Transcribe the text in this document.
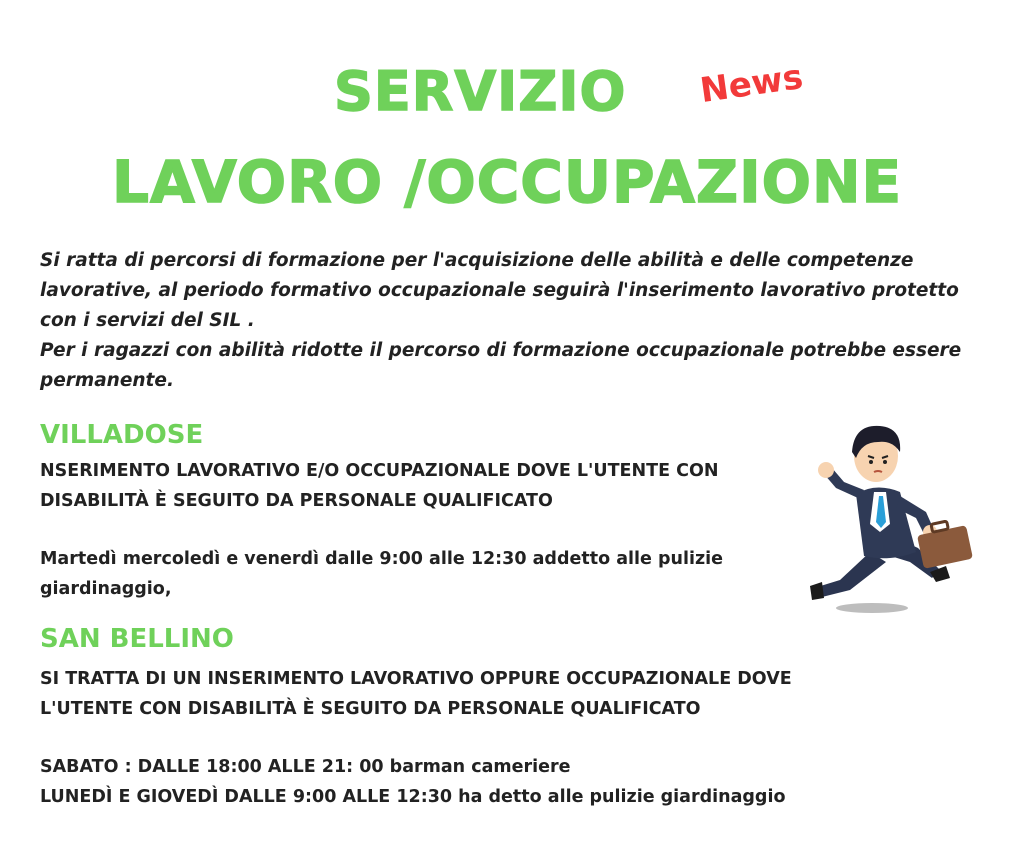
SERVIZIO News
LAVORO /OCCUPAZIONE

Si ratta di percorsi di formazione per l'acquisizione delle abilità e delle competenze lavorative, al periodo formativo occupazionale seguirà l'inserimento lavorativo protetto con i servizi del SIL .

Per i ragazzi con abilità ridotte il percorso di formazione occupazionale potrebbe essere permanente.

VILLADOSE

NSERIMENTO LAVORATIVO E/O OCCUPAZIONALE DOVE L'UTENTE CON DISABILITÀ È SEGUITO DA PERSONALE QUALIFICATO

Martedì mercoledì e venerdì dalle 9:00 alle 12:30 addetto alle pulizie giardinaggio,

SAN BELLINO

SI TRATTA DI UN INSERIMENTO LAVORATIVO OPPURE OCCUPAZIONALE DOVE L'UTENTE CON DISABILITÀ È SEGUITO DA PERSONALE QUALIFICATO

SABATO : DALLE 18:00 ALLE 21: 00 barman cameriere

LUNEDÌ E GIOVEDÌ DALLE 9:00 ALLE 12:30 ha detto alle pulizie giardinaggio
